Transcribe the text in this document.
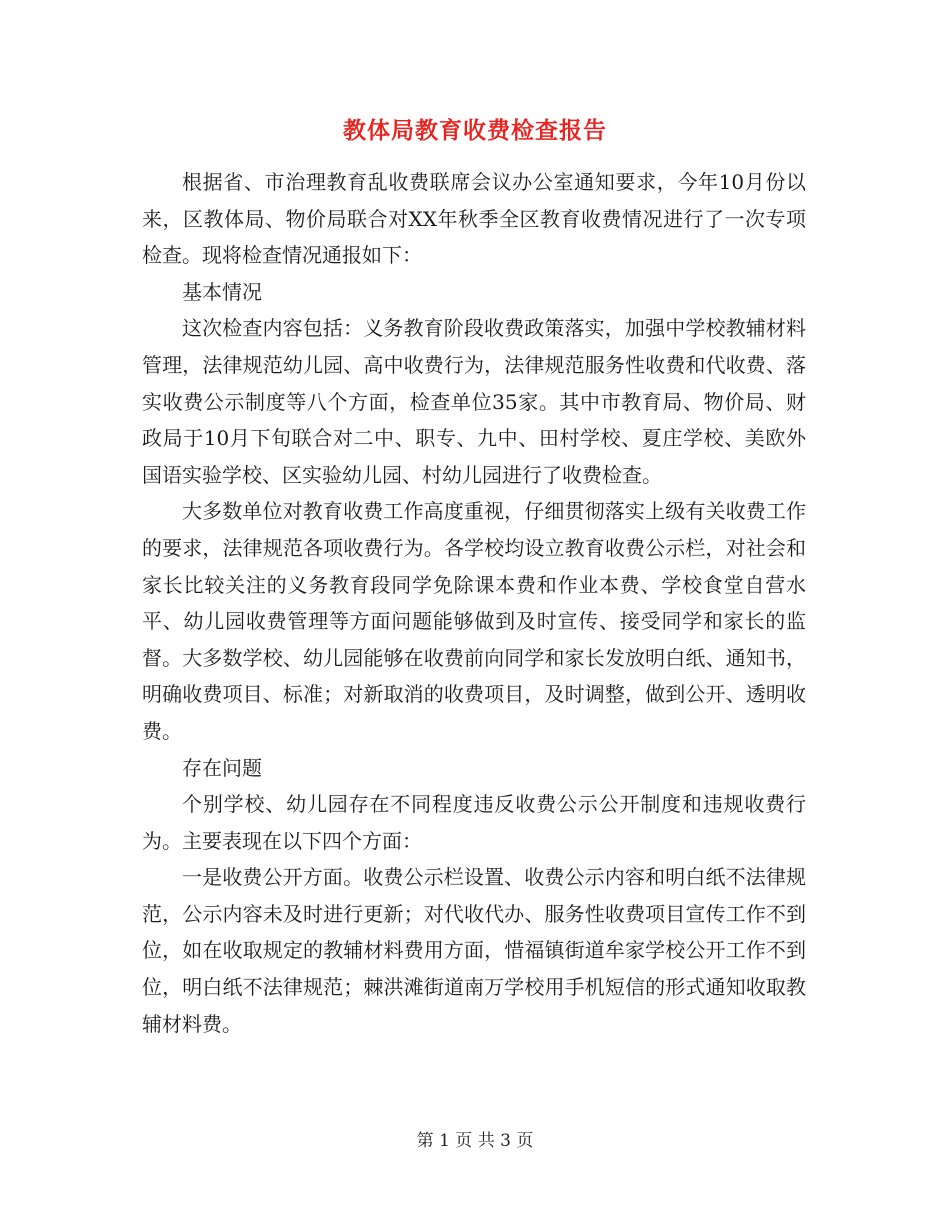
教体局教育收费检查报告

根据省、市治理教育乱收费联席会议办公室通知要求，今年10月份以来，区教体局、物价局联合对XX年秋季全区教育收费情况进行了一次专项检查。现将检查情况通报如下：

基本情况

这次检查内容包括：义务教育阶段收费政策落实，加强中学校教辅材料管理，法律规范幼儿园、高中收费行为，法律规范服务性收费和代收费、落实收费公示制度等八个方面，检查单位35家。其中市教育局、物价局、财政局于10月下旬联合对二中、职专、九中、田村学校、夏庄学校、美欧外国语实验学校、区实验幼儿园、村幼儿园进行了收费检查。

大多数单位对教育收费工作高度重视，仔细贯彻落实上级有关收费工作的要求，法律规范各项收费行为。各学校均设立教育收费公示栏，对社会和家长比较关注的义务教育段同学免除课本费和作业本费、学校食堂自营水平、幼儿园收费管理等方面问题能够做到及时宣传、接受同学和家长的监督。大多数学校、幼儿园能够在收费前向同学和家长发放明白纸、通知书，明确收费项目、标准；对新取消的收费项目，及时调整，做到公开、透明收费。

存在问题

个别学校、幼儿园存在不同程度违反收费公示公开制度和违规收费行为。主要表现在以下四个方面：

一是收费公开方面。收费公示栏设置、收费公示内容和明白纸不法律规范，公示内容未及时进行更新；对代收代办、服务性收费项目宣传工作不到位，如在收取规定的教辅材料费用方面，惜福镇街道牟家学校公开工作不到位，明白纸不法律规范；棘洪滩街道南万学校用手机短信的形式通知收取教辅材料费。

第 1 页 共 3 页
